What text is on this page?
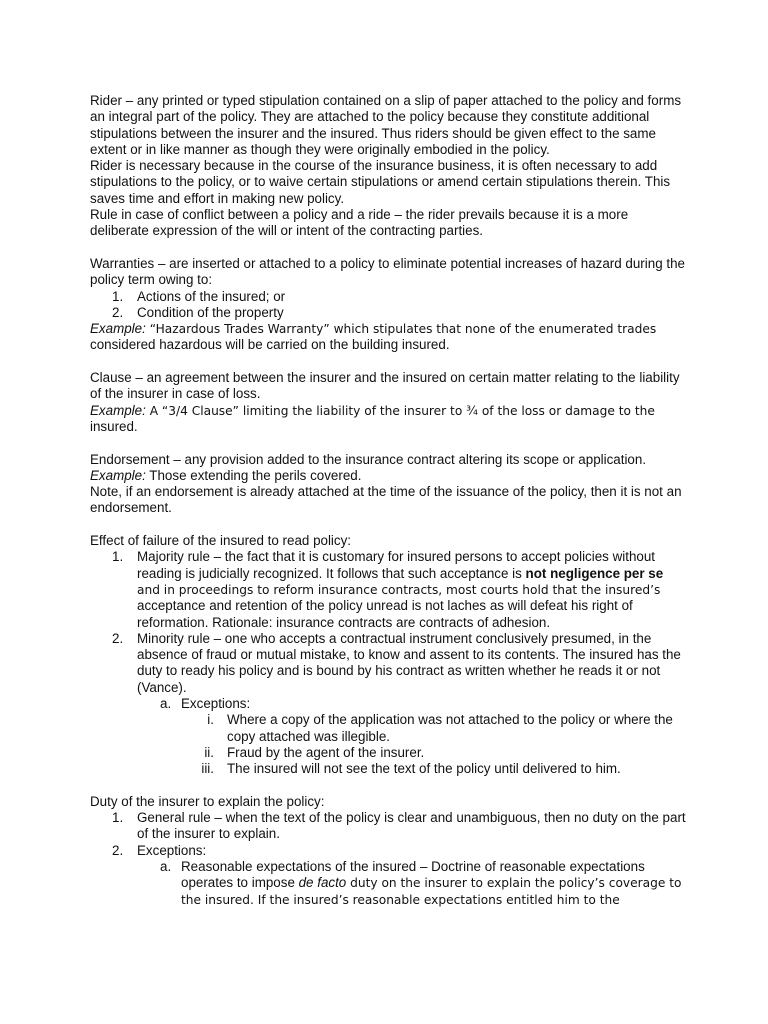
Rider – any printed or typed stipulation contained on a slip of paper attached to the policy and forms an integral part of the policy. They are attached to the policy because they constitute additional stipulations between the insurer and the insured. Thus riders should be given effect to the same extent or in like manner as though they were originally embodied in the policy.

Rider is necessary because in the course of the insurance business, it is often necessary to add stipulations to the policy, or to waive certain stipulations or amend certain stipulations therein. This saves time and effort in making new policy.

Rule in case of conflict between a policy and a ride – the rider prevails because it is a more deliberate expression of the will or intent of the contracting parties.

Warranties – are inserted or attached to a policy to eliminate potential increases of hazard during the policy term owing to:

1. Actions of the insured; or
2. Condition of the property

Example: “Hazardous Trades Warranty” which stipulates that none of the enumerated trades considered hazardous will be carried on the building insured.

Clause – an agreement between the insurer and the insured on certain matter relating to the liability of the insurer in case of loss.

Example: A “3/4 Clause” limiting the liability of the insurer to ¾ of the loss or damage to the insured.

Endorsement – any provision added to the insurance contract altering its scope or application.

Example: Those extending the perils covered.

Note, if an endorsement is already attached at the time of the issuance of the policy, then it is not an endorsement.

Effect of failure of the insured to read policy:

1. Majority rule – the fact that it is customary for insured persons to accept policies without reading is judicially recognized. It follows that such acceptance is not negligence per se and in proceedings to reform insurance contracts, most courts hold that the insured’s acceptance and retention of the policy unread is not laches as will defeat his right of reformation. Rationale: insurance contracts are contracts of adhesion.
2. Minority rule – one who accepts a contractual instrument conclusively presumed, in the absence of fraud or mutual mistake, to know and assent to its contents. The insured has the duty to ready his policy and is bound by his contract as written whether he reads it or not (Vance).
a. Exceptions:
i. Where a copy of the application was not attached to the policy or where the copy attached was illegible.
ii. Fraud by the agent of the insurer.
iii. The insured will not see the text of the policy until delivered to him.

Duty of the insurer to explain the policy:

1. General rule – when the text of the policy is clear and unambiguous, then no duty on the part of the insurer to explain.
2. Exceptions:
a. Reasonable expectations of the insured – Doctrine of reasonable expectations operates to impose de facto duty on the insurer to explain the policy’s coverage to the insured. If the insured’s reasonable expectations entitled him to the
